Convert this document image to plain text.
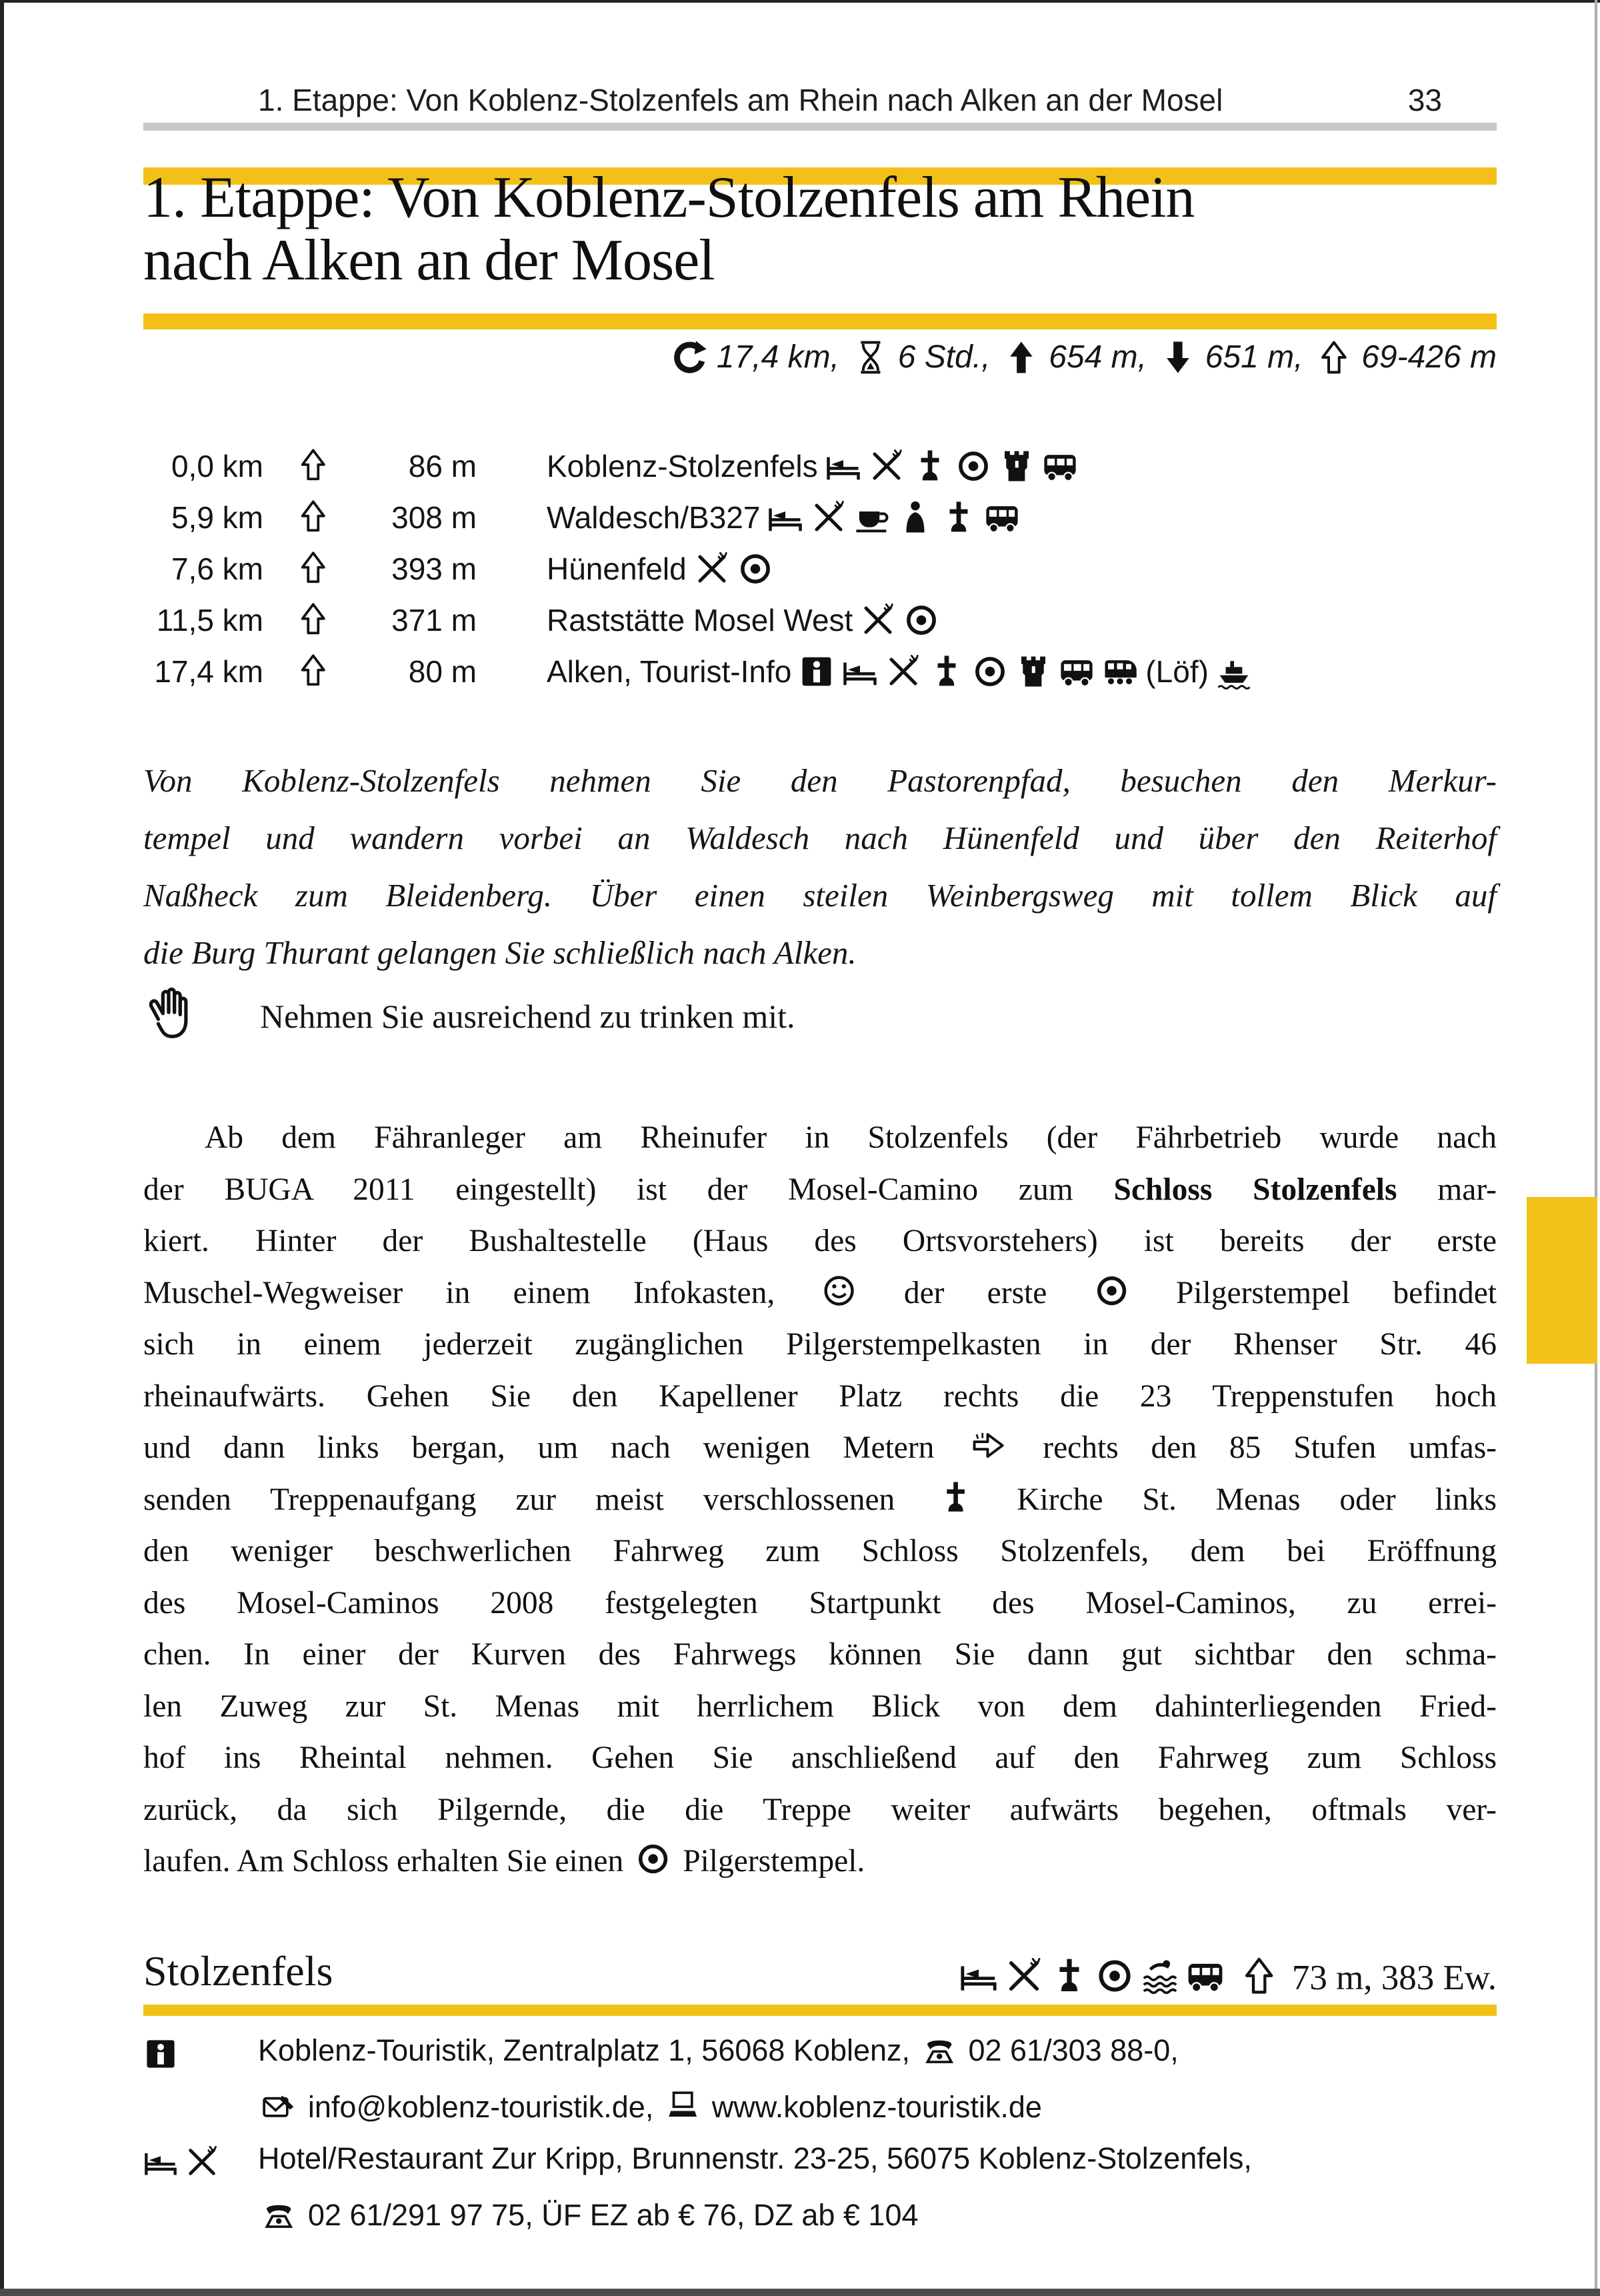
1. Etappe: Von Koblenz-Stolzenfels am Rhein nach Alken an der Mosel	33
1. Etappe: Von Koblenz-Stolzenfels am Rhein
nach Alken an der Mosel
17,4 km, 6 Std., 654 m, 651 m, 69-426 m
0,0 km	86 m Koblenz-Stolzenfels
5,9 km	308 m Waldesch/B327
7,6 km	393 m Hünenfeld
11,5 km	371 m Raststätte Mosel West
17,4 km	80 m Alken, Tourist-Info	(Löf)
Von Koblenz-Stolzenfels nehmen Sie den Pastorenpfad, besuchen den Merkur-
tempel und wandern vorbei an Waldesch nach Hünenfeld und über den Reiterhof
Naßheck zum Bleidenberg. Über einen steilen Weinbergsweg mit tollem Blick auf
die Burg Thurant gelangen Sie schließlich nach Alken.
Nehmen Sie ausreichend zu trinken mit.
Ab dem Fähranleger am Rheinufer in Stolzenfels (der Fährbetrieb wurde nach
der BUGA 2011 eingestellt) ist der Mosel-Camino zum Schloss Stolzenfels mar-
kiert. Hinter der Bushaltestelle (Haus des Ortsvorstehers) ist bereits der erste
Muschel-Wegweiser in einem Infokasten,  der erste  Pilgerstempel befindet
sich in einem jederzeit zugänglichen Pilgerstempelkasten in der Rhenser Str. 46
rheinaufwärts. Gehen Sie den Kapellener Platz rechts die 23 Treppenstufen hoch
und dann links bergan, um nach wenigen Metern  rechts den 85 Stufen umfas-
senden Treppenaufgang zur meist verschlossenen  Kirche St. Menas oder links
den weniger beschwerlichen Fahrweg zum Schloss Stolzenfels, dem bei Eröffnung
des Mosel-Caminos 2008 festgelegten Startpunkt des Mosel-Caminos, zu errei-
chen. In einer der Kurven des Fahrwegs können Sie dann gut sichtbar den schma-
len Zuweg zur St. Menas mit herrlichem Blick von dem dahinterliegenden Fried-
hof ins Rheintal nehmen. Gehen Sie anschließend auf den Fahrweg zum Schloss
zurück, da sich Pilgernde, die die Treppe weiter aufwärts begehen, oftmals ver-
laufen. Am Schloss erhalten Sie einen  Pilgerstempel.
Stolzenfels	73 m, 383 Ew.
Koblenz-Touristik, Zentralplatz 1, 56068 Koblenz,  02 61/303 88-0,
info@koblenz-touristik.de,  www.koblenz-touristik.de
Hotel/Restaurant Zur Kripp, Brunnenstr. 23-25, 56075 Koblenz-Stolzenfels,
02 61/291 97 75, ÜF EZ ab € 76, DZ ab € 104
